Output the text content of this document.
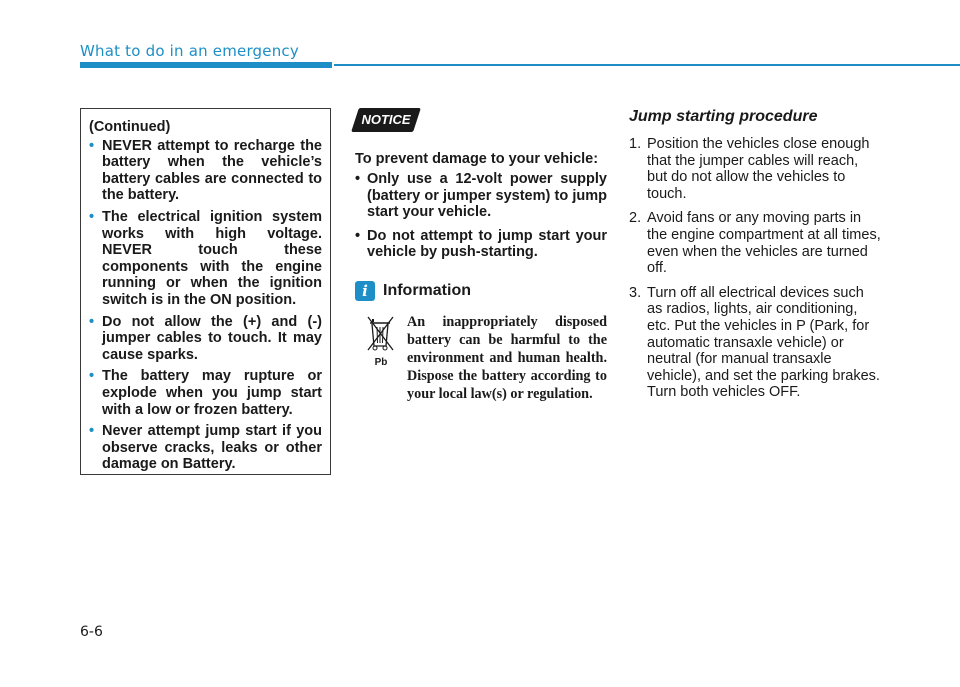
What to do in an emergency

(Continued)

• NEVER attempt to recharge the battery when the vehicle’s battery cables are connected to the battery.
• The electrical ignition system works with high voltage. NEVER touch these components with the engine running or when the ignition switch is in the ON position.
• Do not allow the (+) and (-) jumper cables to touch. It may cause sparks.
• The battery may rupture or explode when you jump start with a low or frozen battery.
• Never attempt jump start if you observe cracks, leaks or other damage on Battery.
NOTICE

To prevent damage to your vehicle:

• Only use a 12-volt power supply (battery or jumper system) to jump start your vehicle.
• Do not attempt to jump start your vehicle by push-starting.
i Information
Pb
An inappropriately disposed battery can be harmful to the environment and human health. Dispose the battery according to your local law(s) or regulation.
Jump starting procedure
1. Position the vehicles close enough that the jumper cables will reach, but do not allow the vehicles to touch.
2. Avoid fans or any moving parts in the engine compartment at all times, even when the vehicles are turned off.
3. Turn off all electrical devices such as radios, lights, air conditioning, etc. Put the vehicles in P (Park, for automatic transaxle vehicle) or neutral (for manual transaxle vehicle), and set the parking brakes. Turn both vehicles OFF.
6-6
